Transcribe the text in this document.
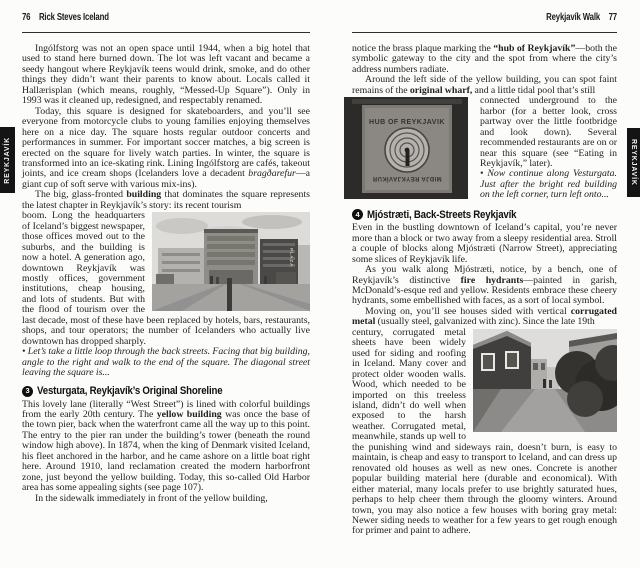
76 Rick Steves Iceland

Ingólfstorg was not an open space until 1944, when a big hotel that used to stand here burned down. The lot was left vacant and became a seedy hangout where Reykjavík teens would drink, smoke, and do other things they didn’t want their parents to know about. Locals called it Hallærisplan (which means, roughly, “Messed-Up Square”). Only in 1993 was it cleaned up, redesigned, and respectably renamed.

Today, this square is designed for skateboarders, and you’ll see everyone from motorcycle clubs to young families enjoying themselves here on a nice day. The square hosts regular outdoor concerts and performances in summer. For important soccer matches, a big screen is erected on the square for lively watch parties. In winter, the square is transformed into an ice-skating rink. Lining Ingólfstorg are cafés, takeout joints, and ice cream shops (Icelanders love a decadent bragðarefur—a giant cup of soft serve with various mix-ins).

The big, glass-fronted building that dominates the square represents the latest chapter in Reykjavík’s story: its recent tourism

PLAZA

boom. Long the headquarters of Iceland’s biggest newspaper, those offices moved out to the suburbs, and the building is now a hotel. A generation ago, downtown Reykjavík was mostly offices, government institutions, cheap housing, and lots of students. But with the flood of tourism over the last decade, most of these have been replaced by hotels, bars, restaurants, shops, and tour operators; the number of Icelanders who actually live downtown has dropped sharply.

• Let’s take a little loop through the back streets. Facing that big building, angle to the right and walk to the end of the square. The diagonal street leaving the square is...

3 Vesturgata, Reykjavík’s Original Shoreline

This lovely lane (literally “West Street”) is lined with colorful buildings from the early 20th century. The yellow building was once the base of the town pier, back when the waterfront came all the way up to this point. The entry to the pier ran under the building’s tower (beneath the round window high above). In 1874, when the king of Denmark visited Iceland, his fleet anchored in the harbor, and he came ashore on a little boat right here. Around 1910, land reclamation created the modern harborfront zone, just beyond the yellow building. Today, this so-called Old Harbor area has some appealing sights (see page 107).

In the sidewalk immediately in front of the yellow building,

Reykjavík Walk 77

notice the brass plaque marking the “hub of Reykjavík”—both the symbolic gateway to the city and the spot from where the city’s address numbers radiate.

Around the left side of the yellow building, you can spot faint remains of the original wharf, and a little tidal pool that’s still

HUB OF REYKJAVIK
MIÐJA REYKJAVÍKUR

connected underground to the harbor (for a better look, cross partway over the little footbridge and look down). Several recommended restaurants are on or near this square (see “Eating in Reykjavík,” later).

• Now continue along Vesturgata. Just after the bright red building on the left corner, turn left onto...

4 Mjóstræti, Back-Streets Reykjavík

Even in the bustling downtown of Iceland’s capital, you’re never more than a block or two away from a sleepy residential area. Stroll a couple of blocks along Mjóstræti (Narrow Street), appreciating some slices of Reykjavík life.

As you walk along Mjóstræti, notice, by a bench, one of Reykjavík’s distinctive fire hydrants—painted in garish, McDonald’s-esque red and yellow. Residents embrace these cheery hydrants, some embellished with faces, as a sort of local symbol.

Moving on, you’ll see houses sided with vertical corrugated metal (usually steel, galvanized with zinc). Since the late 19th

century, corrugated metal sheets have been widely used for siding and roofing in Iceland. Many cover and protect older wooden walls. Wood, which needed to be imported on this treeless island, didn’t do well when exposed to the harsh weather. Corrugated metal, meanwhile, stands up well to the punishing wind and sideways rain, doesn’t burn, is easy to maintain, is cheap and easy to transport to Iceland, and can dress up renovated old houses as well as new ones. Concrete is another popular building material here (durable and economical). With either material, many locals prefer to use brightly saturated hues, perhaps to help cheer them through the gloomy winters. Around town, you may also notice a few houses with boring gray metal: Newer siding needs to weather for a few years to get rough enough for primer and paint to adhere.

REYKJAVÍK	REYKJAVÍK
